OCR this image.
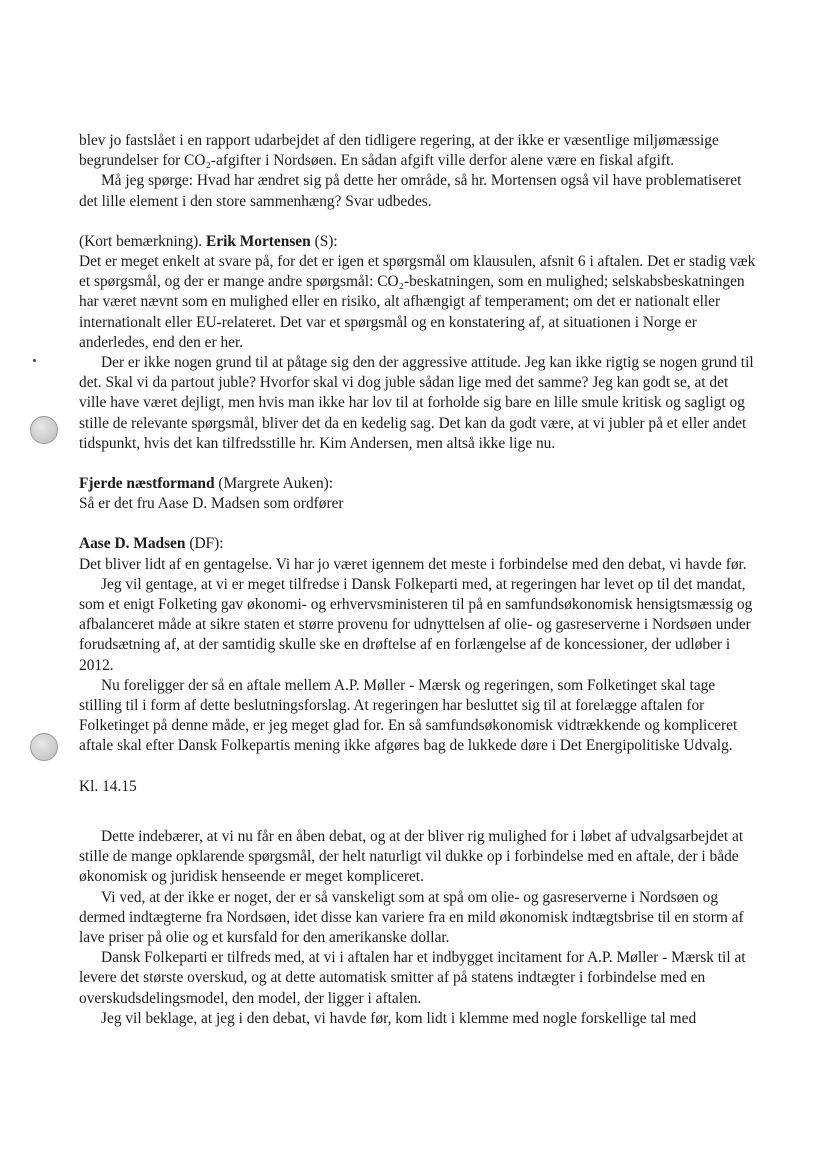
blev jo fastslået i en rapport udarbejdet af den tidligere regering, at der ikke er væsentlige miljømæssige begrundelser for CO₂-afgifter i Nordsøen. En sådan afgift ville derfor alene være en fiskal afgift.

Må jeg spørge: Hvad har ændret sig på dette her område, så hr. Mortensen også vil have problematiseret det lille element i den store sammenhæng? Svar udbedes.

(Kort bemærkning). Erik Mortensen (S):

Det er meget enkelt at svare på, for det er igen et spørgsmål om klausulen, afsnit 6 i aftalen. Det er stadig væk et spørgsmål, og der er mange andre spørgsmål: CO₂-beskatningen, som en mulighed; selskabsbeskatningen har været nævnt som en mulighed eller en risiko, alt afhængigt af temperament; om det er nationalt eller internationalt eller EU-relateret. Det var et spørgsmål og en konstatering af, at situationen i Norge er anderledes, end den er her.

Der er ikke nogen grund til at påtage sig den der aggressive attitude. Jeg kan ikke rigtig se nogen grund til det. Skal vi da partout juble? Hvorfor skal vi dog juble sådan lige med det samme? Jeg kan godt se, at det ville have været dejligt, men hvis man ikke har lov til at forholde sig bare en lille smule kritisk og sagligt og stille de relevante spørgsmål, bliver det da en kedelig sag. Det kan da godt være, at vi jubler på et eller andet tidspunkt, hvis det kan tilfredsstille hr. Kim Andersen, men altså ikke lige nu.

Fjerde næstformand (Margrete Auken):

Så er det fru Aase D. Madsen som ordfører

Aase D. Madsen (DF):

Det bliver lidt af en gentagelse. Vi har jo været igennem det meste i forbindelse med den debat, vi havde før.

Jeg vil gentage, at vi er meget tilfredse i Dansk Folkeparti med, at regeringen har levet op til det mandat, som et enigt Folketing gav økonomi- og erhvervsministeren til på en samfundsøkonomisk hensigtsmæssig og afbalanceret måde at sikre staten et større provenu for udnyttelsen af olie- og gasreserverne i Nordsøen under forudsætning af, at der samtidig skulle ske en drøftelse af en forlængelse af de koncessioner, der udløber i 2012.

Nu foreligger der så en aftale mellem A.P. Møller - Mærsk og regeringen, som Folketinget skal tage stilling til i form af dette beslutningsforslag. At regeringen har besluttet sig til at forelægge aftalen for Folketinget på denne måde, er jeg meget glad for. En så samfundsøkonomisk vidtrækkende og kompliceret aftale skal efter Dansk Folkepartis mening ikke afgøres bag de lukkede døre i Det Energipolitiske Udvalg.

Kl. 14.15

Dette indebærer, at vi nu får en åben debat, og at der bliver rig mulighed for i løbet af udvalgsarbejdet at stille de mange opklarende spørgsmål, der helt naturligt vil dukke op i forbindelse med en aftale, der i både økonomisk og juridisk henseende er meget kompliceret.

Vi ved, at der ikke er noget, der er så vanskeligt som at spå om olie- og gasreserverne i Nordsøen og dermed indtægterne fra Nordsøen, idet disse kan variere fra en mild økonomisk indtægtsbrise til en storm af lave priser på olie og et kursfald for den amerikanske dollar.

Dansk Folkeparti er tilfreds med, at vi i aftalen har et indbygget incitament for A.P. Møller - Mærsk til at levere det største overskud, og at dette automatisk smitter af på statens indtægter i forbindelse med en overskudsdelingsmodel, den model, der ligger i aftalen.

Jeg vil beklage, at jeg i den debat, vi havde før, kom lidt i klemme med nogle forskellige tal med
